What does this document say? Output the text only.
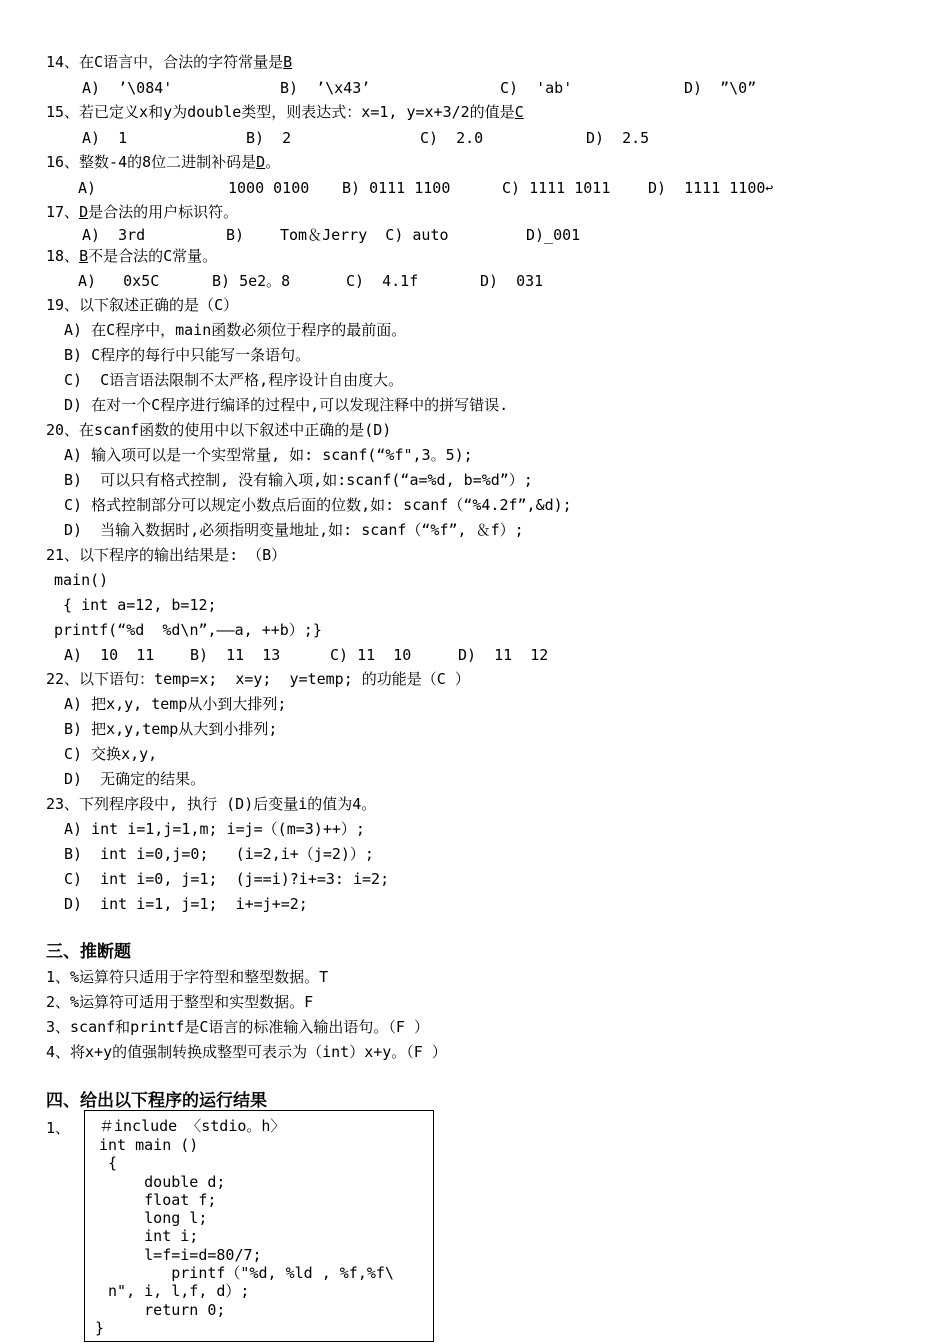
14、在C语言中，合法的字符常量是B
A)  ’\084'	B)  ’\x43’	C)  'ab'	D)  ”\0”
15、若已定义x和y为double类型，则表达式：x=1, y=x+3/2的值是C
A)  1	B)  2	C)  2.0	D)  2.5
16、整数-4的8位二进制补码是D。
A)	1000 0100 B) 0111 1100	C) 1111 1011	D)  1111 1100↩
17、D是合法的用户标识符。
A)  3rd	B) Tom＆Jerry  C) auto	D)_001
18、B不是合法的C常量。
A)   0x5C	B) 5e2。8	C)  4.1f	D)  031
19、以下叙述正确的是（C）
A) 在C程序中，main函数必须位于程序的最前面。
B) C程序的每行中只能写一条语句。
C)  C语言语法限制不太严格,程序设计自由度大。
D) 在对一个C程序进行编译的过程中,可以发现注释中的拼写错误.
20、在scanf函数的使用中以下叙述中正确的是(D)
A) 输入项可以是一个实型常量, 如: scanf(“%f",3。5);
B)  可以只有格式控制, 没有输入项,如:scanf(“a=%d, b=%d”）;
C) 格式控制部分可以规定小数点后面的位数,如: scanf（“%4.2f”,&d);
D)  当输入数据时,必须指明变量地址,如: scanf（“%f”, ＆f）;
21、以下程序的输出结果是: （B）
main()
{ int a=12, b=12;
printf(“%d  %d\n”,——a, ++b）;}
A)  10  11 B)  11  13	C) 11  10	D)  11  12
22、以下语句：temp=x;  x=y;  y=temp; 的功能是（C ）
A) 把x,y, temp从小到大排列;
B) 把x,y,temp从大到小排列;
C) 交换x,y,
D)  无确定的结果。
23、下列程序段中, 执行 (D)后变量i的值为4。
A) int i=1,j=1,m; i=j=（(m=3)++）;
B)  int i=0,j=0;   (i=2,i+（j=2)）;
C)  int i=0, j=1;  (j==i)?i+=3: i=2;
D)  int i=1, j=1;  i+=j+=2;
三、推断题
1、%运算符只适用于字符型和整型数据。T
2、%运算符可适用于整型和实型数据。F
3、scanf和printf是C语言的标准输入输出语句。（F ）
4、将x+y的值强制转换成整型可表示为（int）x+y。（F ）
四、给出以下程序的运行结果
1、 ＃include 〈stdio。h〉
int main ()
{
double d;
float f;
long l;
int i;
l=f=i=d=80/7;
printf（"%d, %ld , %f,%f\
n", i, l,f, d）;
return 0;
}
